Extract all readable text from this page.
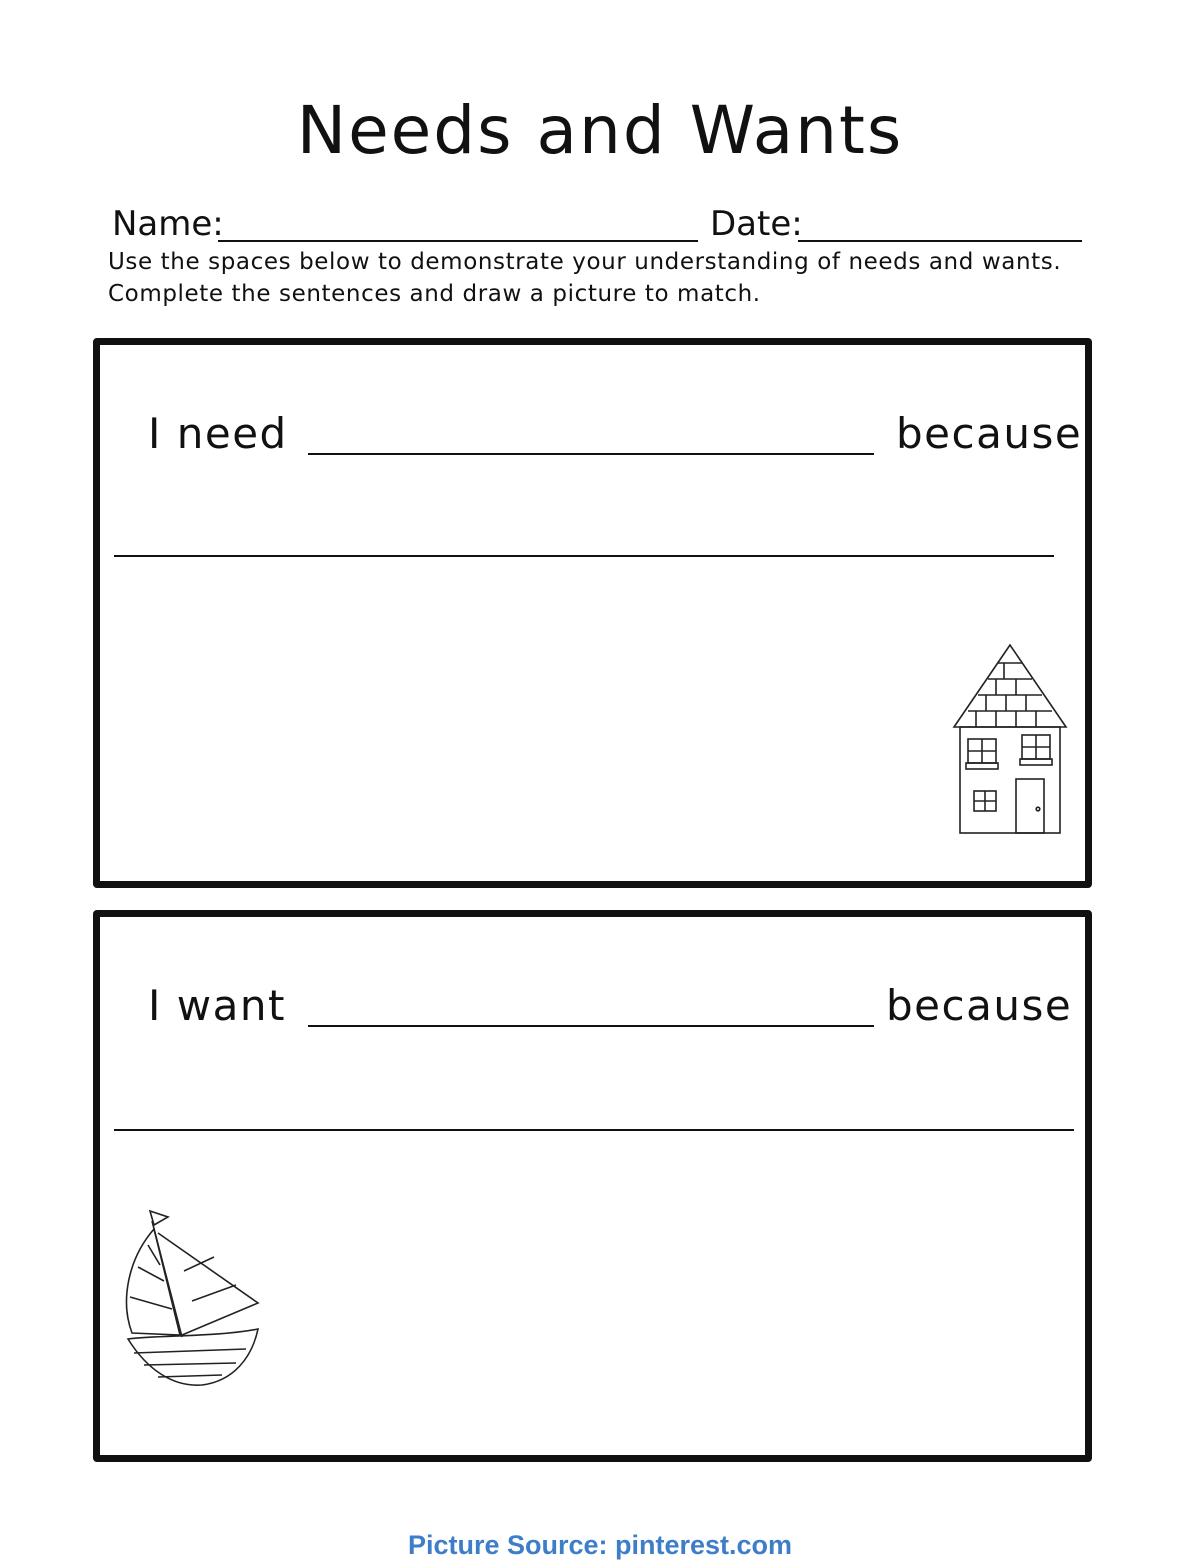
Needs and Wants
Name:	Date:

Use the spaces below to demonstrate your understanding of needs and wants. Complete the sentences and draw a picture to match.

I need	because
I want	because
Picture Source: pinterest.com
